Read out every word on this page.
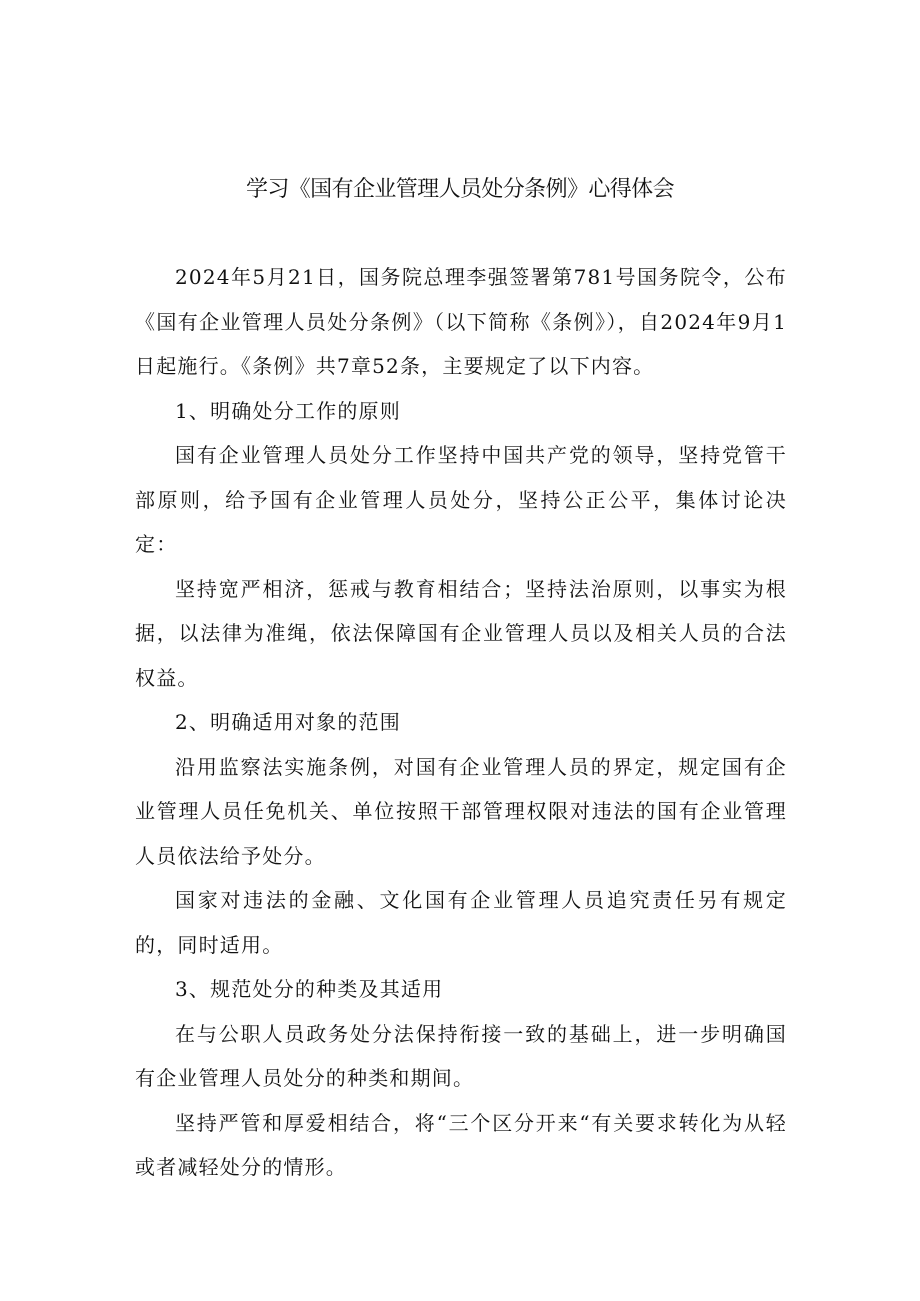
学习《国有企业管理人员处分条例》心得体会

2024年5月21日，国务院总理李强签署第781号国务院令，公布《国有企业管理人员处分条例》（以下简称《条例》），自2024年9月1日起施行。《条例》共7章52条，主要规定了以下内容。

1、明确处分工作的原则

国有企业管理人员处分工作坚持中国共产党的领导，坚持党管干部原则，给予国有企业管理人员处分，坚持公正公平，集体讨论决定：

坚持宽严相济，惩戒与教育相结合；坚持法治原则，以事实为根据，以法律为准绳，依法保障国有企业管理人员以及相关人员的合法权益。

2、明确适用对象的范围

沿用监察法实施条例，对国有企业管理人员的界定，规定国有企业管理人员任免机关、单位按照干部管理权限对违法的国有企业管理人员依法给予处分。

国家对违法的金融、文化国有企业管理人员追究责任另有规定的，同时适用。

3、规范处分的种类及其适用

在与公职人员政务处分法保持衔接一致的基础上，进一步明确国有企业管理人员处分的种类和期间。

坚持严管和厚爱相结合，将“三个区分开来“有关要求转化为从轻或者减轻处分的情形。
